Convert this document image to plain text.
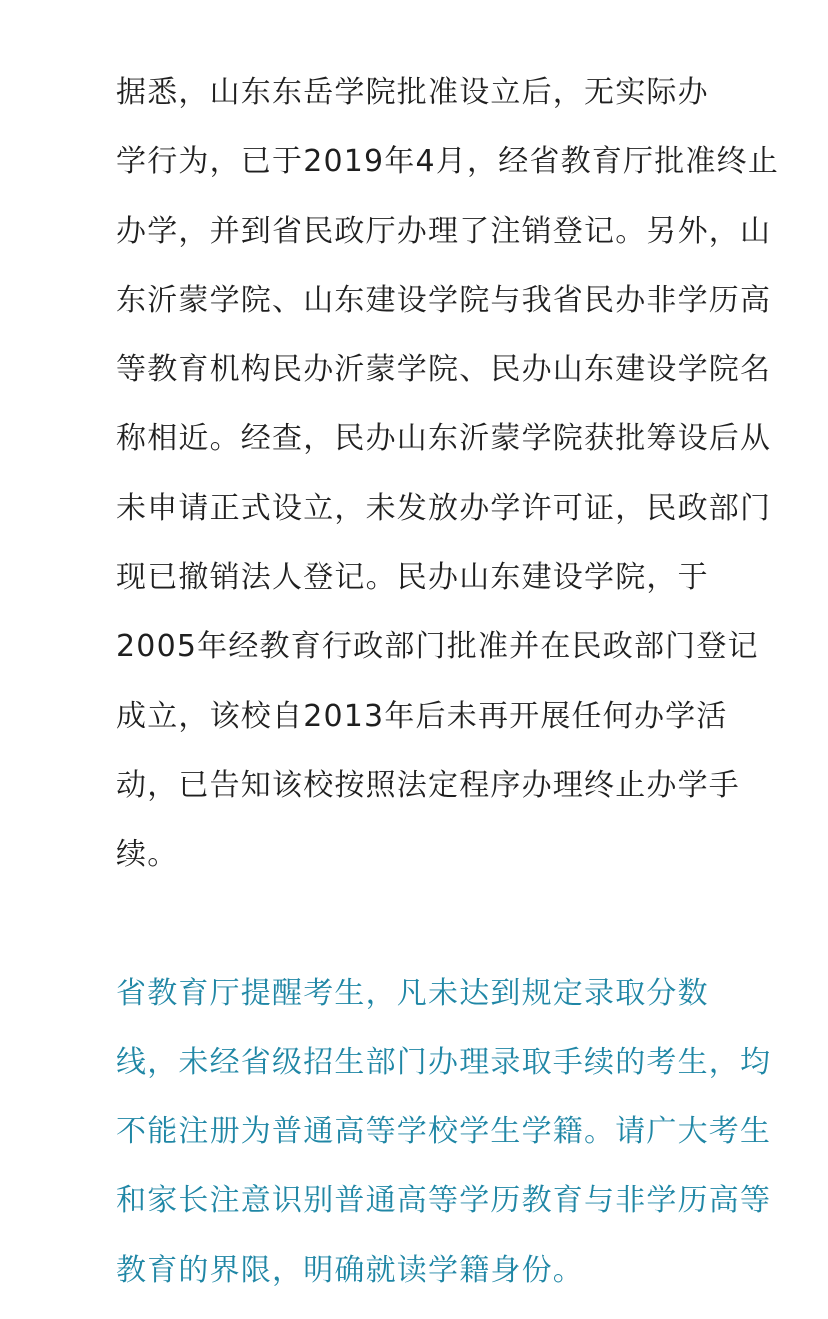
据悉，山东东岳学院批准设立后，无实际办
学行为，已于2019年4月，经省教育厅批准终止
办学，并到省民政厅办理了注销登记。另外，山
东沂蒙学院、山东建设学院与我省民办非学历高
等教育机构民办沂蒙学院、民办山东建设学院名
称相近。经查，民办山东沂蒙学院获批筹设后从
未申请正式设立，未发放办学许可证，民政部门
现已撤销法人登记。民办山东建设学院，于
2005年经教育行政部门批准并在民政部门登记
成立，该校自2013年后未再开展任何办学活
动，已告知该校按照法定程序办理终止办学手
续。

省教育厅提醒考生，凡未达到规定录取分数
线，未经省级招生部门办理录取手续的考生，均
不能注册为普通高等学校学生学籍。请广大考生
和家长注意识别普通高等学历教育与非学历高等
教育的界限，明确就读学籍身份。
